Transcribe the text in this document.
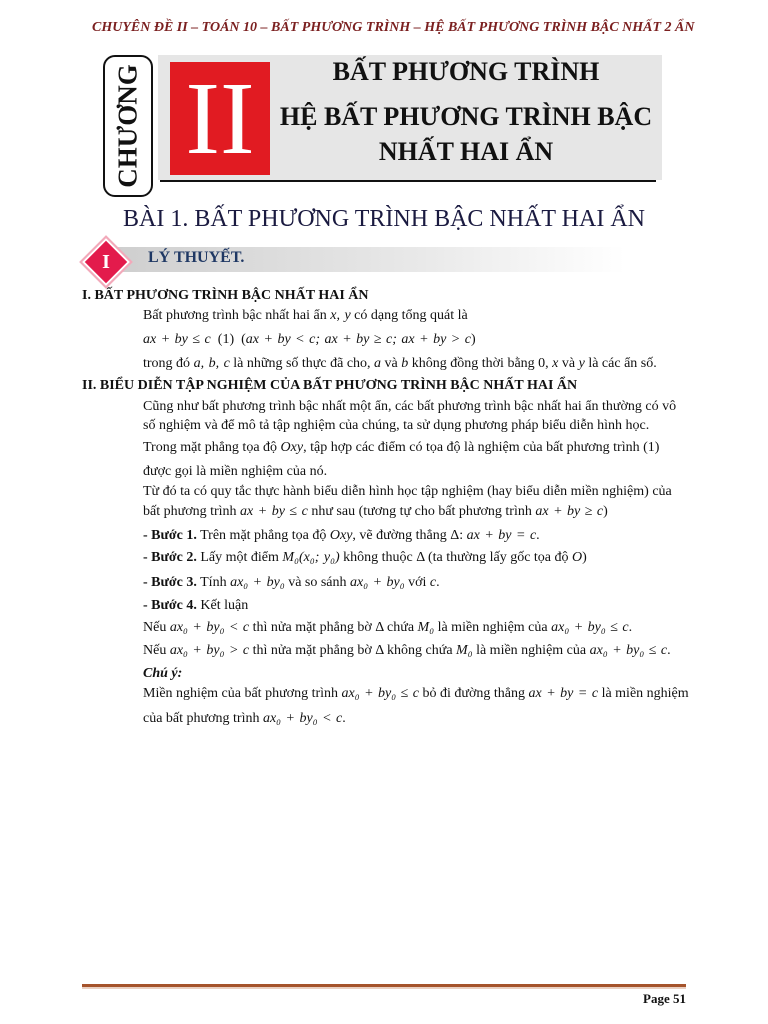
CHUYÊN ĐỀ II – TOÁN 10 – BẤT PHƯƠNG TRÌNH – HỆ BẤT PHƯƠNG TRÌNH BẬC NHẤT 2 ẨN
CHƯƠNG II	BẤT PHƯƠNG TRÌNH
HỆ BẤT PHƯƠNG TRÌNH BẬC
NHẤT HAI ẨN
BÀI 1. BẤT PHƯƠNG TRÌNH BẬC NHẤT HAI ẨN
I	LÝ THUYẾT.
I. BẤT PHƯƠNG TRÌNH BẬC NHẤT HAI ẨN
Bất phương trình bậc nhất hai ẩn x, y có dạng tổng quát là
ax + by ≤ c  (1)  (ax + by < c; ax + by ≥ c; ax + by > c)
trong đó a, b, c là những số thực đã cho, a và b không đồng thời bằng 0, x và y là các ẩn số.
II. BIỂU DIỄN TẬP NGHIỆM CỦA BẤT PHƯƠNG TRÌNH BẬC NHẤT HAI ẨN
Cũng như bất phương trình bậc nhất một ẩn, các bất phương trình bậc nhất hai ẩn thường có vô
số nghiệm và để mô tả tập nghiệm của chúng, ta sử dụng phương pháp biểu diễn hình học.
Trong mặt phẳng tọa độ Oxy, tập hợp các điểm có tọa độ là nghiệm của bất phương trình (1)
được gọi là miền nghiệm của nó.
Từ đó ta có quy tắc thực hành biểu diễn hình học tập nghiệm (hay biểu diễn miền nghiệm) của
bất phương trình ax + by ≤ c như sau (tương tự cho bất phương trình ax + by ≥ c)
- Bước 1. Trên mặt phẳng tọa độ Oxy, vẽ đường thẳng Δ: ax + by = c.
- Bước 2. Lấy một điểm M₀(x₀; y₀) không thuộc Δ (ta thường lấy gốc tọa độ O)
- Bước 3. Tính ax₀ + by₀ và so sánh ax₀ + by₀ với c.
- Bước 4. Kết luận
Nếu ax₀ + by₀ < c thì nửa mặt phẳng bờ Δ chứa M₀ là miền nghiệm của ax₀ + by₀ ≤ c.
Nếu ax₀ + by₀ > c thì nửa mặt phẳng bờ Δ không chứa M₀ là miền nghiệm của ax₀ + by₀ ≤ c.
Chú ý:
Miền nghiệm của bất phương trình ax₀ + by₀ ≤ c bỏ đi đường thẳng ax + by = c là miền nghiệm
của bất phương trình ax₀ + by₀ < c.
Page 51
